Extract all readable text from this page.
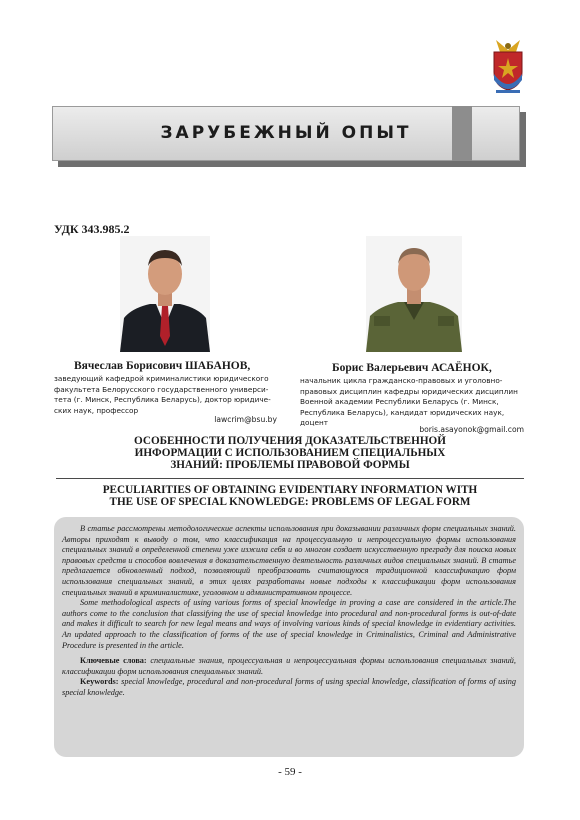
ЗАРУБЕЖНЫЙ ОПЫТ
УДК 343.985.2
Вячеслав Борисович ШАБАНОВ,
заведующий кафедрой криминалистики юридического
факультета Белорусского государственного универси-
тета (г. Минск, Республика Беларусь), доктор юридиче-
ских наук, профессор
lawcrim@bsu.by
Борис Валерьевич АСАЁНОК,
начальник цикла гражданско-правовых и уголовно-
правовых дисциплин кафедры юридических дисциплин
Военной академии Республики Беларусь (г. Минск,
Республика Беларусь), кандидат юридических наук,
доцент
boris.asayonok@gmail.com
ОСОБЕННОСТИ ПОЛУЧЕНИЯ ДОКАЗАТЕЛЬСТВЕННОЙ
ИНФОРМАЦИИ С ИСПОЛЬЗОВАНИЕМ СПЕЦИАЛЬНЫХ
ЗНАНИЙ: ПРОБЛЕМЫ ПРАВОВОЙ ФОРМЫ
PECULIARITIES OF OBTAINING EVIDENTIARY INFORMATION WITH
THE USE OF SPECIAL KNOWLEDGE: PROBLEMS OF LEGAL FORM

В статье рассмотрены методологические аспекты использования при доказывании различных форм специальных знаний. Авторы приходят к выводу о том, что классификация на процессуальную и непроцессуальную формы использования специальных знаний в определенной степени уже изжила себя и во многом создает искусственную преграду для поиска новых правовых средств и способов вовлечения в доказательственную деятельность различных видов специальных знаний. В статье предлагается обновленный подход, позволяющий преобразовать считающуюся традиционной классификацию форм использования специальных знаний, в этих целях разработаны новые подходы к классификации форм использования специальных знаний в криминалистике, уголовном и административном процессе.

Some methodological aspects of using various forms of special knowledge in proving a case are considered in the article.The authors come to the conclusion that classifying the use of special knowledge into procedural and non-procedural forms is out-of-date and makes it difficult to search for new legal means and ways of involving various kinds of special knowledge in evidentiary activities. An updated approach to the classification of forms of the use of special knowledge in Criminalistics, Criminal and Administrative Procedure is presented in the article.

Ключевые слова: специальные знания, процессуальная и непроцессуальная формы использования специальных знаний, классификации форм использования специальных знаний.

Keywords: special knowledge, procedural and non-procedural forms of using special knowledge, classification of forms of using special knowledge.

- 59 -
